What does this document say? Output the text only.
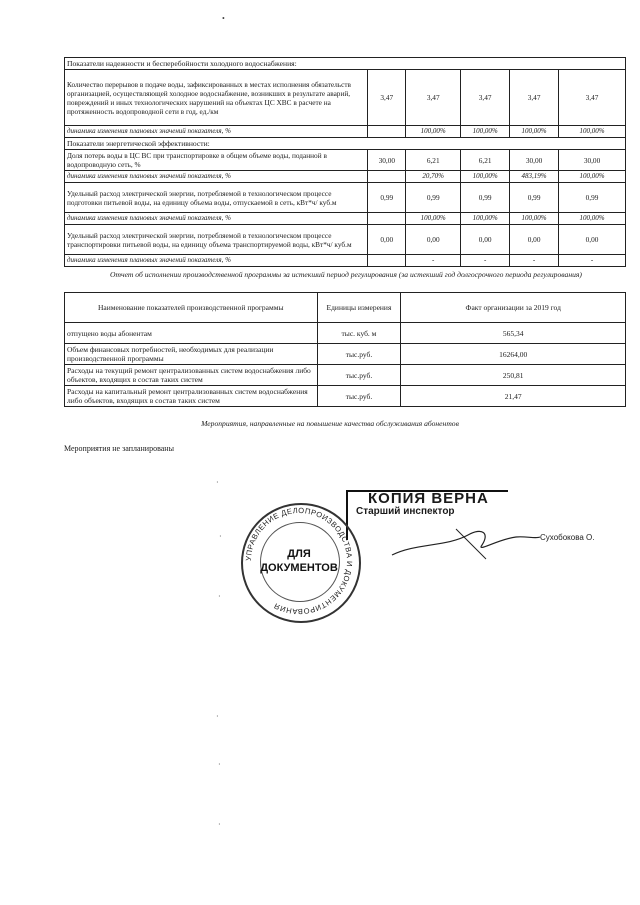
•
Показатели надежности и бесперебойности холодного водоснабжения:					
Количество перерывов в подаче воды, зафиксированных в местах исполнения обязательств организацией, осуществляющей холодное водоснабжение, возникших в результате аварий, повреждений и иных технологических нарушений на объектах ЦС ХВС в расчете на протяженность водопроводной сети в год, ед./км	3,47	3,47	3,47	3,47	3,47
динамика изменения плановых значений показателя, %		100,00%	100,00%	100,00%	100,00%
Показатели энергетической эффективности:					
Доля потерь воды в ЦС ВС при транспортировке в общем объеме воды, поданной в водопроводную сеть, %	30,00	6,21	6,21	30,00	30,00
динамика изменения плановых значений показателя, %		20,70%	100,00%	483,19%	100,00%
Удельный расход электрической энергии, потребляемой в технологическом процессе подготовки питьевой воды, на единицу объема воды, отпускаемой в сеть, кВт*ч/ куб.м	0,99	0,99	0,99	0,99	0,99
динамика изменения плановых значений показателя, %		100,00%	100,00%	100,00%	100,00%
Удельный расход электрической энергии, потребляемой в технологическом процессе транспортировки питьевой воды, на единицу объема транспортируемой воды, кВт*ч/ куб.м	0,00	0,00	0,00	0,00	0,00
динамика изменения плановых значений показателя, %		-	-	-	-
Отчет об исполнении производственной программы за истекший период регулирования (за истекший год долгосрочного периода регулирования)
Наименование показателей производственной программы	Единицы измерения	Факт организации за 2019 год
отпущено воды абонентам	тыс. куб. м	565,34
Объем финансовых потребностей, необходимых для реализации производственной программы	тыс.руб.	16264,00
Расходы на текущий ремонт централизованных систем водоснабжения либо объектов, входящих в состав таких систем	тыс.руб.	250,81
Расходы на капитальный ремонт централизованных систем водоснабжения либо объектов, входящих в состав таких систем	тыс.руб.	21,47
Мероприятия, направленные на повышение качества обслуживания абонентов
Мероприятия не запланированы
·
·
·
·
·
·
КОПИЯ ВЕРНА
Старший инспектор
Сухобокова О.
УПРАВЛЕНИЕ ДЕЛОПРОИЗВОДСТВА И ДОКУМЕНТИРОВАНИЯ
ДЛЯ
ДОКУМЕНТОВ
